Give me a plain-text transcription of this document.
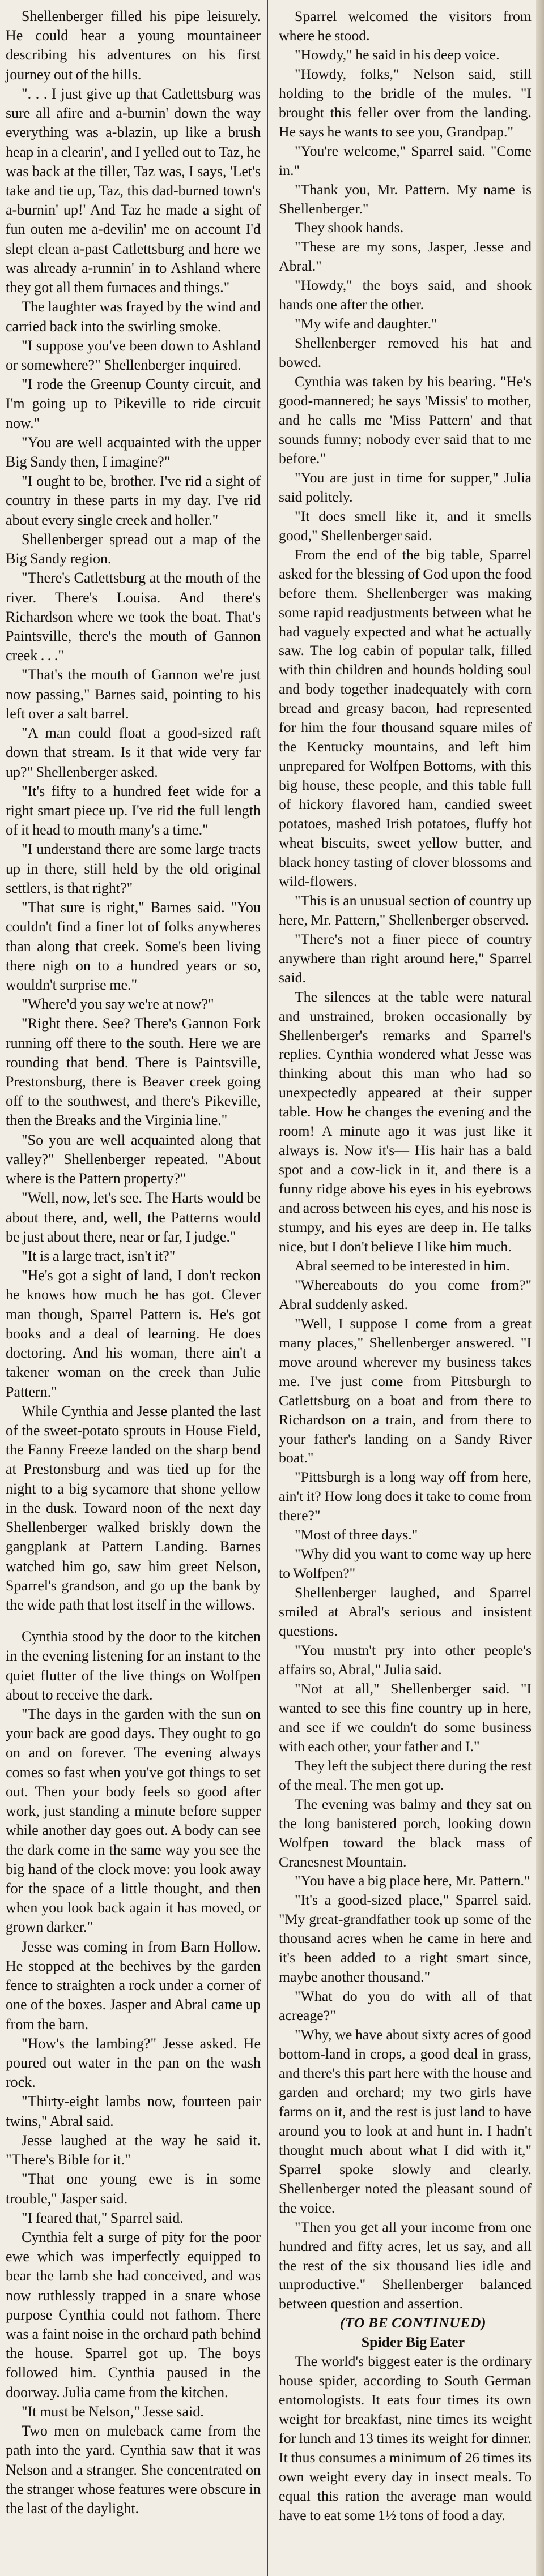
Shellenberger filled his pipe leisurely. He could hear a young mountaineer describing his adventures on his first journey out of the hills.

". . . I just give up that Catlettsburg was sure all afire and a-burnin' down the way everything was a-blazin, up like a brush heap in a clearin', and I yelled out to Taz, he was back at the tiller, Taz was, I says, 'Let's take and tie up, Taz, this dad-burned town's a-burnin' up!' And Taz he made a sight of fun outen me a-devilin' me on account I'd slept clean a-past Catlettsburg and here we was already a-runnin' in to Ashland where they got all them furnaces and things."

The laughter was frayed by the wind and carried back into the swirling smoke.

"I suppose you've been down to Ashland or somewhere?" Shellenberger inquired.

"I rode the Greenup County circuit, and I'm going up to Pikeville to ride circuit now."

"You are well acquainted with the upper Big Sandy then, I imagine?"

"I ought to be, brother. I've rid a sight of country in these parts in my day. I've rid about every single creek and holler."

Shellenberger spread out a map of the Big Sandy region.

"There's Catlettsburg at the mouth of the river. There's Louisa. And there's Richardson where we took the boat. That's Paintsville, there's the mouth of Gannon creek . . ."

"That's the mouth of Gannon we're just now passing," Barnes said, pointing to his left over a salt barrel.

"A man could float a good-sized raft down that stream. Is it that wide very far up?" Shellenberger asked.

"It's fifty to a hundred feet wide for a right smart piece up. I've rid the full length of it head to mouth many's a time."

"I understand there are some large tracts up in there, still held by the old original settlers, is that right?"

"That sure is right," Barnes said. "You couldn't find a finer lot of folks anywheres than along that creek. Some's been living there nigh on to a hundred years or so, wouldn't surprise me."

"Where'd you say we're at now?"

"Right there. See? There's Gannon Fork running off there to the south. Here we are rounding that bend. There is Paintsville, Prestonsburg, there is Beaver creek going off to the southwest, and there's Pikeville, then the Breaks and the Virginia line."

"So you are well acquainted along that valley?" Shellenberger repeated. "About where is the Pattern property?"

"Well, now, let's see. The Harts would be about there, and, well, the Patterns would be just about there, near or far, I judge."

"It is a large tract, isn't it?"

"He's got a sight of land, I don't reckon he knows how much he has got. Clever man though, Sparrel Pattern is. He's got books and a deal of learning. He does doctoring. And his woman, there ain't a takener woman on the creek than Julie Pattern."

While Cynthia and Jesse planted the last of the sweet-potato sprouts in House Field, the Fanny Freeze landed on the sharp bend at Prestonsburg and was tied up for the night to a big sycamore that shone yellow in the dusk. Toward noon of the next day Shellenberger walked briskly down the gangplank at Pattern Landing. Barnes watched him go, saw him greet Nelson, Sparrel's grandson, and go up the bank by the wide path that lost itself in the willows.

Cynthia stood by the door to the kitchen in the evening listening for an instant to the quiet flutter of the live things on Wolfpen about to receive the dark.

"The days in the garden with the sun on your back are good days. They ought to go on and on forever. The evening always comes so fast when you've got things to set out. Then your body feels so good after work, just standing a minute before supper while another day goes out. A body can see the dark come in the same way you see the big hand of the clock move: you look away for the space of a little thought, and then when you look back again it has moved, or grown darker."

Jesse was coming in from Barn Hollow. He stopped at the beehives by the garden fence to straighten a rock under a corner of one of the boxes. Jasper and Abral came up from the barn.

"How's the lambing?" Jesse asked. He poured out water in the pan on the wash rock.

"Thirty-eight lambs now, fourteen pair twins," Abral said.

Jesse laughed at the way he said it. "There's Bible for it."

"That one young ewe is in some trouble," Jasper said.

"I feared that," Sparrel said.

Cynthia felt a surge of pity for the poor ewe which was imperfectly equipped to bear the lamb she had conceived, and was now ruthlessly trapped in a snare whose purpose Cynthia could not fathom. There was a faint noise in the orchard path behind the house. Sparrel got up. The boys followed him. Cynthia paused in the doorway. Julia came from the kitchen.

"It must be Nelson," Jesse said.

Two men on muleback came from the path into the yard. Cynthia saw that it was Nelson and a stranger. She concentrated on the stranger whose features were obscure in the last of the daylight.

Sparrel welcomed the visitors from where he stood.

"Howdy," he said in his deep voice.

"Howdy, folks," Nelson said, still holding to the bridle of the mules. "I brought this feller over from the landing. He says he wants to see you, Grandpap."

"You're welcome," Sparrel said. "Come in."

"Thank you, Mr. Pattern. My name is Shellenberger."

They shook hands.

"These are my sons, Jasper, Jesse and Abral."

"Howdy," the boys said, and shook hands one after the other.

"My wife and daughter."

Shellenberger removed his hat and bowed.

Cynthia was taken by his bearing. "He's good-mannered; he says 'Missis' to mother, and he calls me 'Miss Pattern' and that sounds funny; nobody ever said that to me before."

"You are just in time for supper," Julia said politely.

"It does smell like it, and it smells good," Shellenberger said.

From the end of the big table, Sparrel asked for the blessing of God upon the food before them. Shellenberger was making some rapid readjustments between what he had vaguely expected and what he actually saw. The log cabin of popular talk, filled with thin children and hounds holding soul and body together inadequately with corn bread and greasy bacon, had represented for him the four thousand square miles of the Kentucky mountains, and left him unprepared for Wolfpen Bottoms, with this big house, these people, and this table full of hickory flavored ham, candied sweet potatoes, mashed Irish potatoes, fluffy hot wheat biscuits, sweet yellow butter, and black honey tasting of clover blossoms and wild-flowers.

"This is an unusual section of country up here, Mr. Pattern," Shellenberger observed.

"There's not a finer piece of country anywhere than right around here," Sparrel said.

The silences at the table were natural and unstrained, broken occasionally by Shellenberger's remarks and Sparrel's replies. Cynthia wondered what Jesse was thinking about this man who had so unexpectedly appeared at their supper table. How he changes the evening and the room! A minute ago it was just like it always is. Now it's— His hair has a bald spot and a cow-lick in it, and there is a funny ridge above his eyes in his eyebrows and across between his eyes, and his nose is stumpy, and his eyes are deep in. He talks nice, but I don't believe I like him much.

Abral seemed to be interested in him.

"Whereabouts do you come from?" Abral suddenly asked.

"Well, I suppose I come from a great many places," Shellenberger answered. "I move around wherever my business takes me. I've just come from Pittsburgh to Catlettsburg on a boat and from there to Richardson on a train, and from there to your father's landing on a Sandy River boat."

"Pittsburgh is a long way off from here, ain't it? How long does it take to come from there?"

"Most of three days."

"Why did you want to come way up here to Wolfpen?"

Shellenberger laughed, and Sparrel smiled at Abral's serious and insistent questions.

"You mustn't pry into other people's affairs so, Abral," Julia said.

"Not at all," Shellenberger said. "I wanted to see this fine country up in here, and see if we couldn't do some business with each other, your father and I."

They left the subject there during the rest of the meal. The men got up.

The evening was balmy and they sat on the long banistered porch, looking down Wolfpen toward the black mass of Cranesnest Mountain.

"You have a big place here, Mr. Pattern."

"It's a good-sized place," Sparrel said. "My great-grandfather took up some of the thousand acres when he came in here and it's been added to a right smart since, maybe another thousand."

"What do you do with all of that acreage?"

"Why, we have about sixty acres of good bottom-land in crops, a good deal in grass, and there's this part here with the house and garden and orchard; my two girls have farms on it, and the rest is just land to have around you to look at and hunt in. I hadn't thought much about what I did with it," Sparrel spoke slowly and clearly. Shellenberger noted the pleasant sound of the voice.

"Then you get all your income from one hundred and fifty acres, let us say, and all the rest of the six thousand lies idle and unproductive." Shellenberger balanced between question and assertion.

(TO BE CONTINUED)

Spider Big Eater

The world's biggest eater is the ordinary house spider, according to South German entomologists. It eats four times its own weight for breakfast, nine times its weight for lunch and 13 times its weight for dinner. It thus consumes a minimum of 26 times its own weight every day in insect meals. To equal this ration the average man would have to eat some 1½ tons of food a day.
